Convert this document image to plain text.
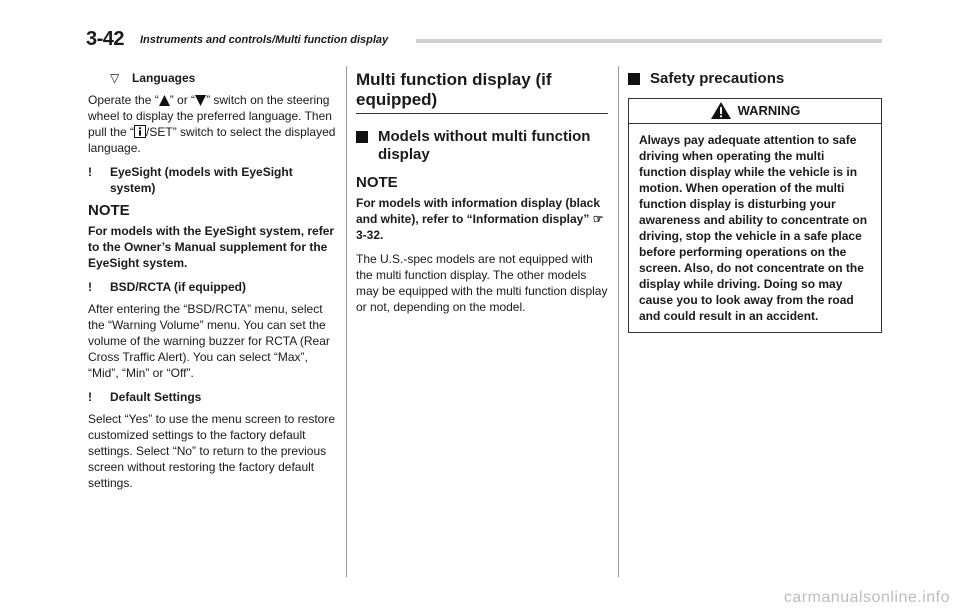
3-42 Instruments and controls/Multi function display
▽ Languages

Operate the “ ” or “ ” switch on the steering wheel to display the preferred language. Then pull the “ /SET” switch to select the displayed language.

! EyeSight (models with EyeSight system)
NOTE

For models with the EyeSight system, refer to the Owner’s Manual supplement for the EyeSight system.

! BSD/RCTA (if equipped)

After entering the “BSD/RCTA” menu, select the “Warning Volume” menu. You can set the volume of the warning buzzer for RCTA (Rear Cross Traffic Alert). You can select “Max”, “Mid”, “Min” or “Off”.

! Default Settings

Select “Yes” to use the menu screen to restore customized settings to the factory default settings. Select “No” to return to the previous screen without restoring the factory default settings.

Multi function display (if equipped)
Models without multi function display
NOTE

For models with information display (black and white), refer to “Information display” ☞3-32.

The U.S.-spec models are not equipped with the multi function display. The other models may be equipped with the multi function display or not, depending on the model.

Safety precautions
WARNING
Always pay adequate attention to safe driving when operating the multi function display while the vehicle is in motion. When operation of the multi function display is disturbing your awareness and ability to concentrate on driving, stop the vehicle in a safe place before performing operations on the screen. Also, do not concentrate on the display while driving. Doing so may cause you to look away from the road and could result in an accident.
carmanualsonline.info
